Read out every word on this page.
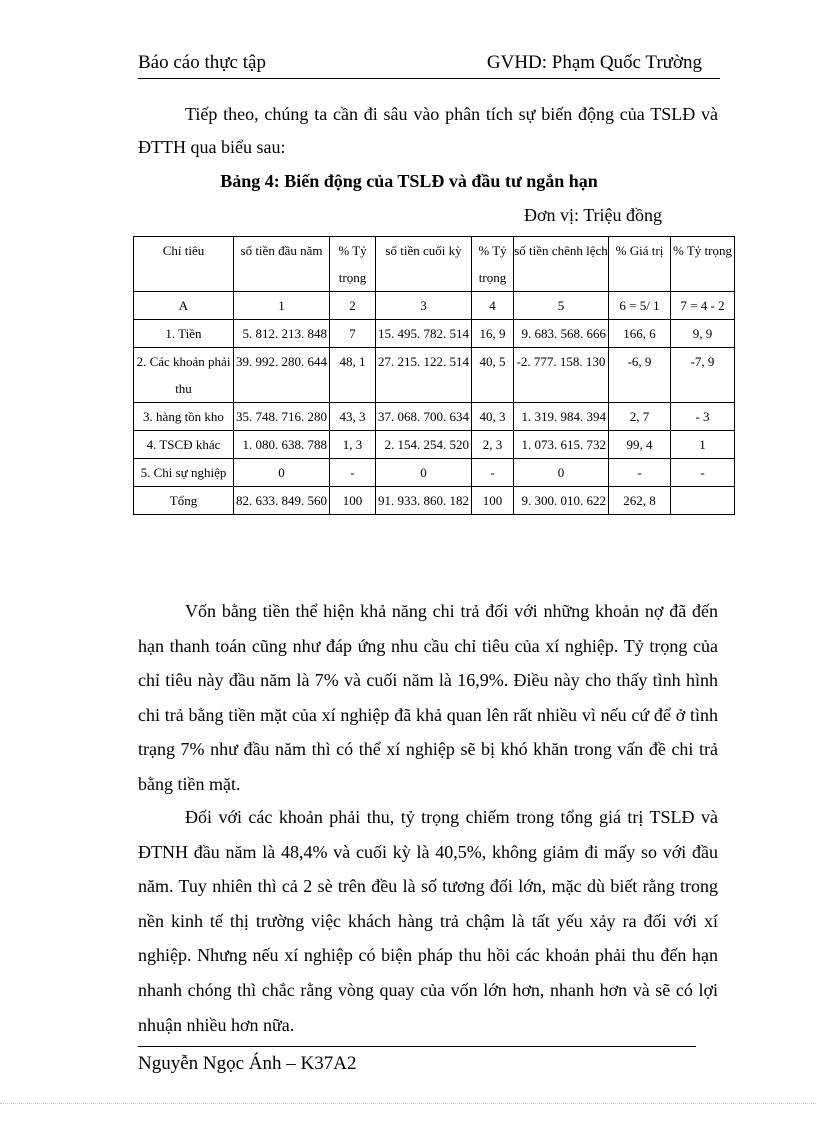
Báo cáo thực tập	GVHD: Phạm Quốc Trường
Tiếp theo, chúng ta cần đi sâu vào phân tích sự biến động của TSLĐ và ĐTTH qua biểu sau:
Bảng 4: Biến động của TSLĐ và đầu tư ngắn hạn
Đơn vị: Triệu đồng
Chỉ tiêu	số tiền đầu năm	% Tỷ trọng	số tiền cuối kỳ	% Tỷ trọng	số tiền chênh lệch	% Giá trị	% Tỷ trọng
A	1	2	3	4	5	6 = 5/ 1	7 = 4 - 2
1. Tiền	5. 812. 213. 848	7	15. 495. 782. 514	16, 9	9. 683. 568. 666	166, 6	9, 9
2. Các khoản phải thu	39. 992. 280. 644	48, 1	27. 215. 122. 514	40, 5	-2. 777. 158. 130	-6, 9	-7, 9
3. hàng tồn kho	35. 748. 716. 280	43, 3	37. 068. 700. 634	40, 3	1. 319. 984. 394	2, 7	- 3
4. TSCĐ khác	1. 080. 638. 788	1, 3	2. 154. 254. 520	2, 3	1. 073. 615. 732	99, 4	1
5. Chi sự nghiệp	0	-	0	-	0	-	-
Tổng	82. 633. 849. 560	100	91. 933. 860. 182	100	9. 300. 010. 622	262, 8	
Vốn bằng tiền thể hiện khả năng chi trả đối với những khoản nợ đã đến hạn thanh toán cũng như đáp ứng nhu cầu chỉ tiêu của xí nghiệp. Tỷ trọng của chỉ tiêu này đầu năm là 7% và cuối năm là 16,9%. Điều này cho thấy tình hình chi trả bằng tiền mặt của xí nghiệp đã khả quan lên rất nhiều vì nếu cứ để ở tình trạng 7% như đầu năm thì có thể xí nghiệp sẽ bị khó khăn trong vấn đề chi trả bằng tiền mặt.
Đối với các khoản phải thu, tỷ trọng chiếm trong tổng giá trị TSLĐ và ĐTNH đầu năm là 48,4% và cuối kỳ là 40,5%, không giảm đi mấy so với đầu năm. Tuy nhiên thì cả 2 sè trên đều là số tương đối lớn, mặc dù biết rằng trong nền kinh tế thị trường việc khách hàng trả chậm là tất yếu xảy ra đối với xí nghiệp. Nhưng nếu xí nghiệp có biện pháp thu hồi các khoản phải thu đến hạn nhanh chóng thì chắc rằng vòng quay của vốn lớn hơn, nhanh hơn và sẽ có lợi nhuận nhiều hơn nữa.
Nguyễn Ngọc Ánh – K37A2
